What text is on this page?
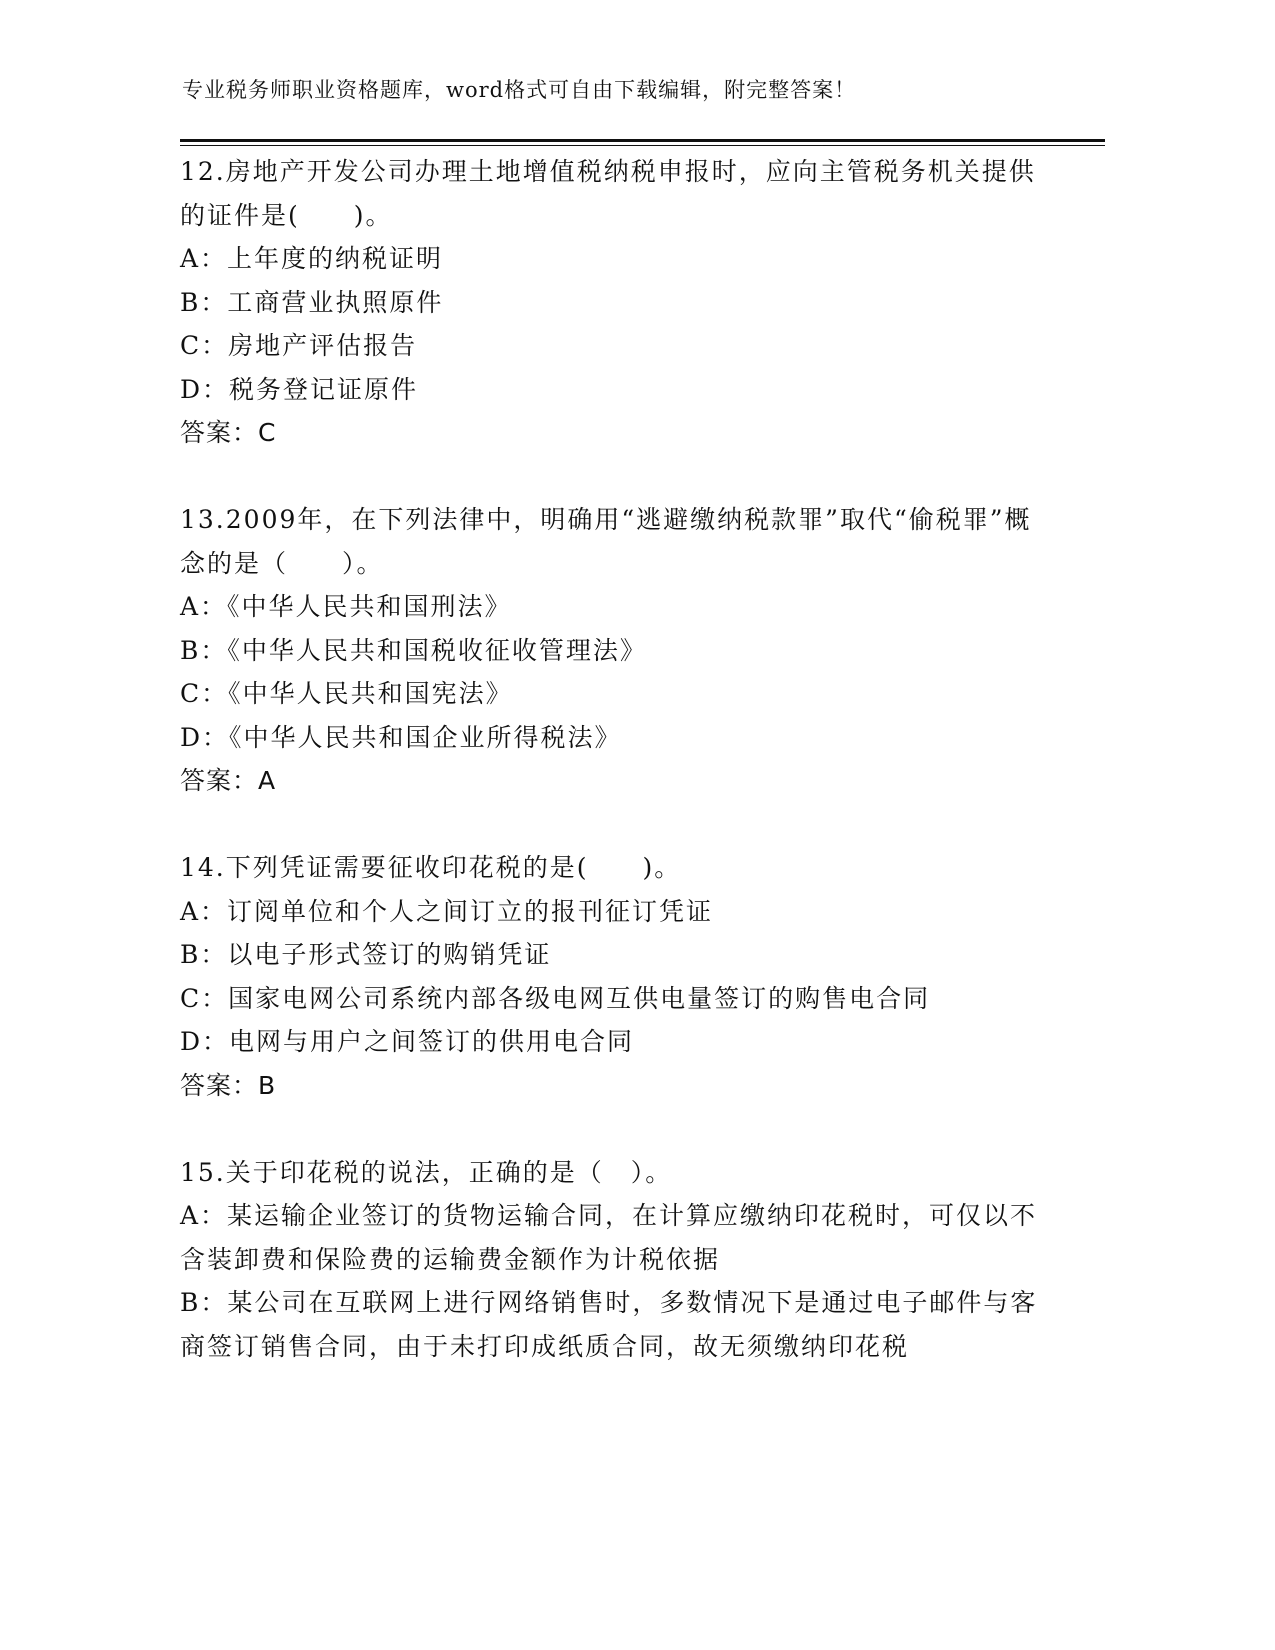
专业税务师职业资格题库，word格式可自由下载编辑，附完整答案！

12.房地产开发公司办理土地增值税纳税申报时，应向主管税务机关提供的证件是(　　)。

A：上年度的纳税证明

B：工商营业执照原件

C：房地产评估报告

D：税务登记证原件

答案：C

13.2009年，在下列法律中，明确用“逃避缴纳税款罪”取代“偷税罪”概念的是（　　）。

A：《中华人民共和国刑法》

B：《中华人民共和国税收征收管理法》

C：《中华人民共和国宪法》

D：《中华人民共和国企业所得税法》

答案：A

14.下列凭证需要征收印花税的是(　　)。

A：订阅单位和个人之间订立的报刊征订凭证

B：以电子形式签订的购销凭证

C：国家电网公司系统内部各级电网互供电量签订的购售电合同

D：电网与用户之间签订的供用电合同

答案：B

15.关于印花税的说法，正确的是（　）。

A：某运输企业签订的货物运输合同，在计算应缴纳印花税时，可仅以不含装卸费和保险费的运输费金额作为计税依据

B：某公司在互联网上进行网络销售时，多数情况下是通过电子邮件与客商签订销售合同，由于未打印成纸质合同，故无须缴纳印花税
